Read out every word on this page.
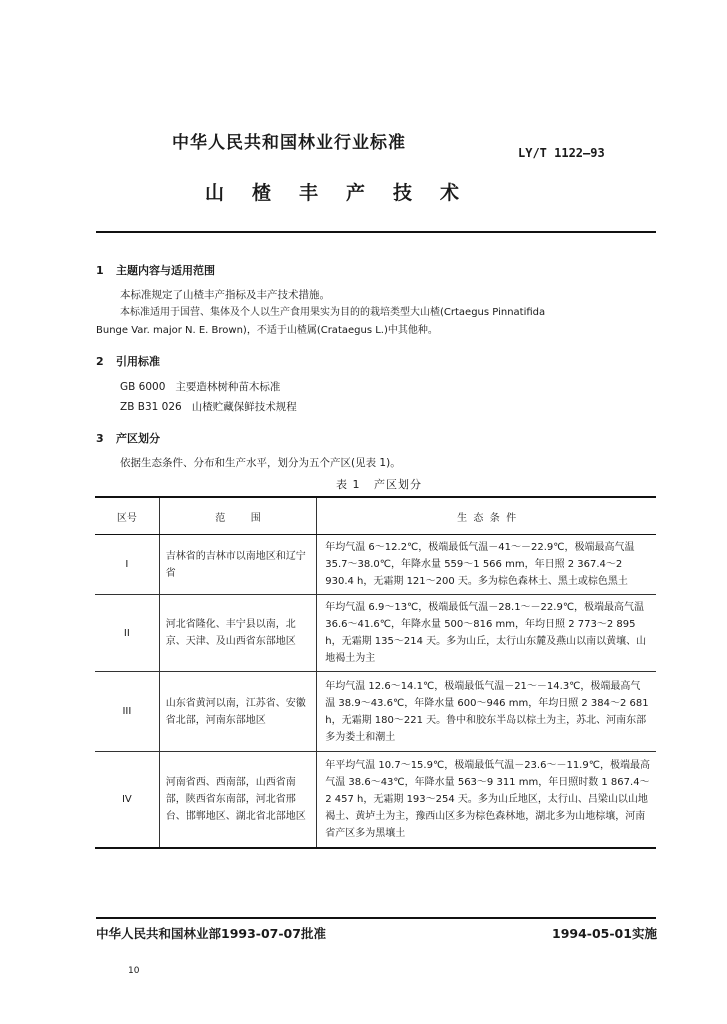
中华人民共和国林业行业标准	LY/T 1122—93
山楂丰产技术
1 主题内容与适用范围
本标准规定了山楂丰产指标及丰产技术措施。
本标准适用于国营、集体及个人以生产食用果实为目的的栽培类型大山楂(Crtaegus Pinnatifida
Bunge Var. major N. E. Brown)，不适于山楂属(Crataegus L.)中其他种。
2 引用标准
GB 6000   主要造林树种苗木标准
ZB B31 026   山楂贮藏保鲜技术规程
3 产区划分
依据生态条件、分布和生产水平，划分为五个产区(见表 1)。
表 1   产区划分
区号	范        围	生  态  条  件
I	吉林省的吉林市以南地区和辽宁省	年均气温 6～12.2℃，极端最低气温－41～－22.9℃，极端最高气温 35.7～38.0℃，年降水量 559～1 566 mm，年日照 2 367.4～2 930.4 h，无霜期 121～200 天。多为棕色森林土、黑土或棕色黑土

II	河北省隆化、丰宁县以南，北京、天津、及山西省东部地区	年均气温 6.9～13℃，极端最低气温－28.1～－22.9℃，极端最高气温 36.6～41.6℃，年降水量 500～816 mm，年均日照 2 773～2 895 h，无霜期 135～214 天。多为山丘，太行山东麓及燕山以南以黄壤、山地褐土为主

III	山东省黄河以南，江苏省、安徽省北部，河南东部地区	年均气温 12.6～14.1℃，极端最低气温－21～－14.3℃，极端最高气温 38.9～43.6℃，年降水量 600～946 mm，年均日照 2 384～2 681 h，无霜期 180～221 天。鲁中和胶东半岛以棕土为主，苏北、河南东部多为娄土和潮土

IV	河南省西、西南部，山西省南部，陕西省东南部，河北省邢台、邯郸地区、湖北省北部地区	年平均气温 10.7～15.9℃，极端最低气温－23.6～－11.9℃，极端最高气温 38.6～43℃，年降水量 563～9 311 mm，年日照时数 1 867.4～2 457 h，无霜期 193～254 天。多为山丘地区，太行山、吕梁山以山地褐土、黄垆土为主，豫西山区多为棕色森林地，湖北多为山地棕壤，河南省产区多为黑壤土
中华人民共和国林业部1993-07-07批准	1994-05-01实施
10
